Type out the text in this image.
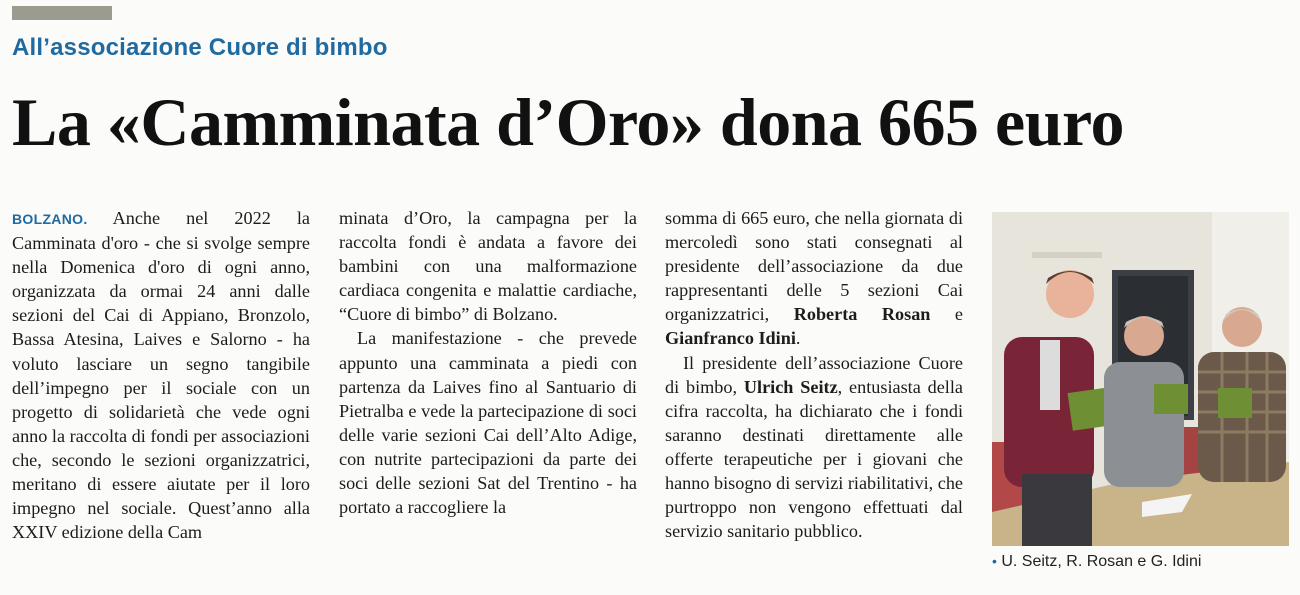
All’associazione Cuore di bimbo
La «Camminata d’Oro» dona 665 euro

BOLZANO. Anche nel 2022 la Camminata d'oro - che si svolge sempre nella Domenica d'oro di ogni anno, organizzata da ormai 24 anni dalle sezioni del Cai di Appiano, Bronzolo, Bassa Atesina, Laives e Salorno - ha voluto lasciare un segno tangibile dell’impegno per il sociale con un progetto di solidarietà che vede ogni anno la raccolta di fondi per associazioni che, secondo le sezioni organizzatrici, meritano di essere aiutate per il loro impegno nel sociale. Quest’anno alla XXIV edizione della Cam

minata d’Oro, la campagna per la raccolta fondi è andata a favore dei bambini con una malformazione cardiaca congenita e malattie cardiache, “Cuore di bimbo” di Bolzano.

La manifestazione - che prevede appunto una camminata a piedi con partenza da Laives fino al Santuario di Pietralba e vede la partecipazione di soci delle varie sezioni Cai dell’Alto Adige, con nutrite partecipazioni da parte dei soci delle sezioni Sat del Trentino - ha portato a raccogliere la

somma di 665 euro, che nella giornata di mercoledì sono stati consegnati al presidente dell’associazione da due rappresentanti delle 5 sezioni Cai organizzatrici, Roberta Rosan e Gianfranco Idini.

Il presidente dell’associazione Cuore di bimbo, Ulrich Seitz, entusiasta della cifra raccolta, ha dichiarato che i fondi saranno destinati direttamente alle offerte terapeutiche per i giovani che hanno bisogno di servizi riabilitativi, che purtroppo non vengono effettuati dal servizio sanitario pubblico.

• U. Seitz, R. Rosan e G. Idini
